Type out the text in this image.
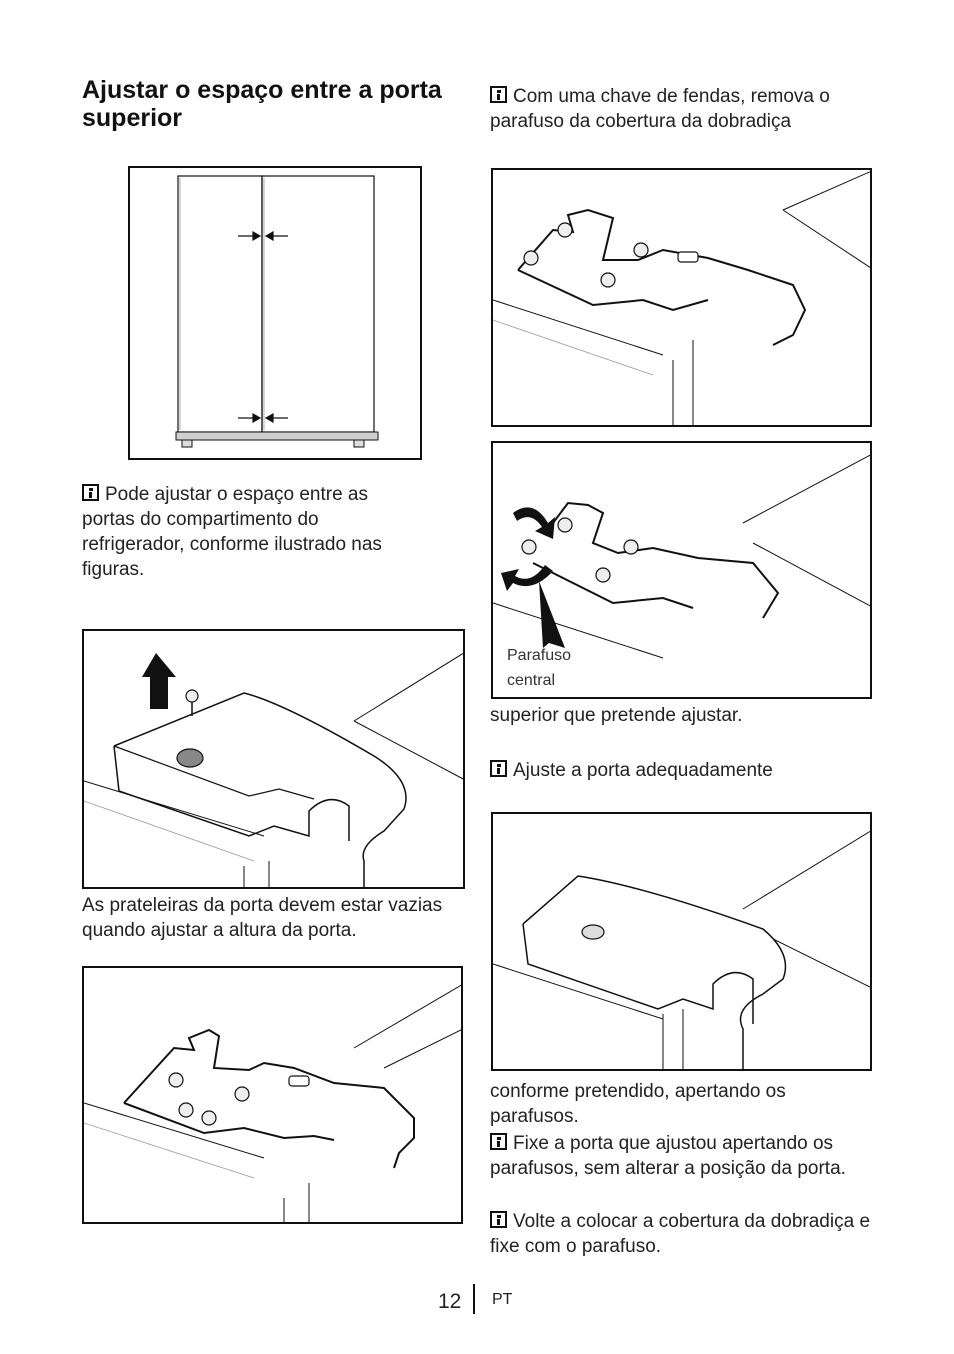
Ajustar o espaço entre a porta superior

Pode ajustar o espaço entre as portas do compartimento do refrigerador, conforme ilustrado nas figuras.

As prateleiras da porta devem estar vazias quando ajustar a altura da porta.

Com uma chave de fendas, remova o parafuso da cobertura da dobradiça

Parafuso central

superior que pretende ajustar.

Ajuste a porta adequadamente

conforme pretendido, apertando os parafusos.

Fixe a porta que ajustou apertando os parafusos, sem alterar a posição da porta.

Volte a colocar a cobertura da dobradiça e fixe com o parafuso.

12 PT
